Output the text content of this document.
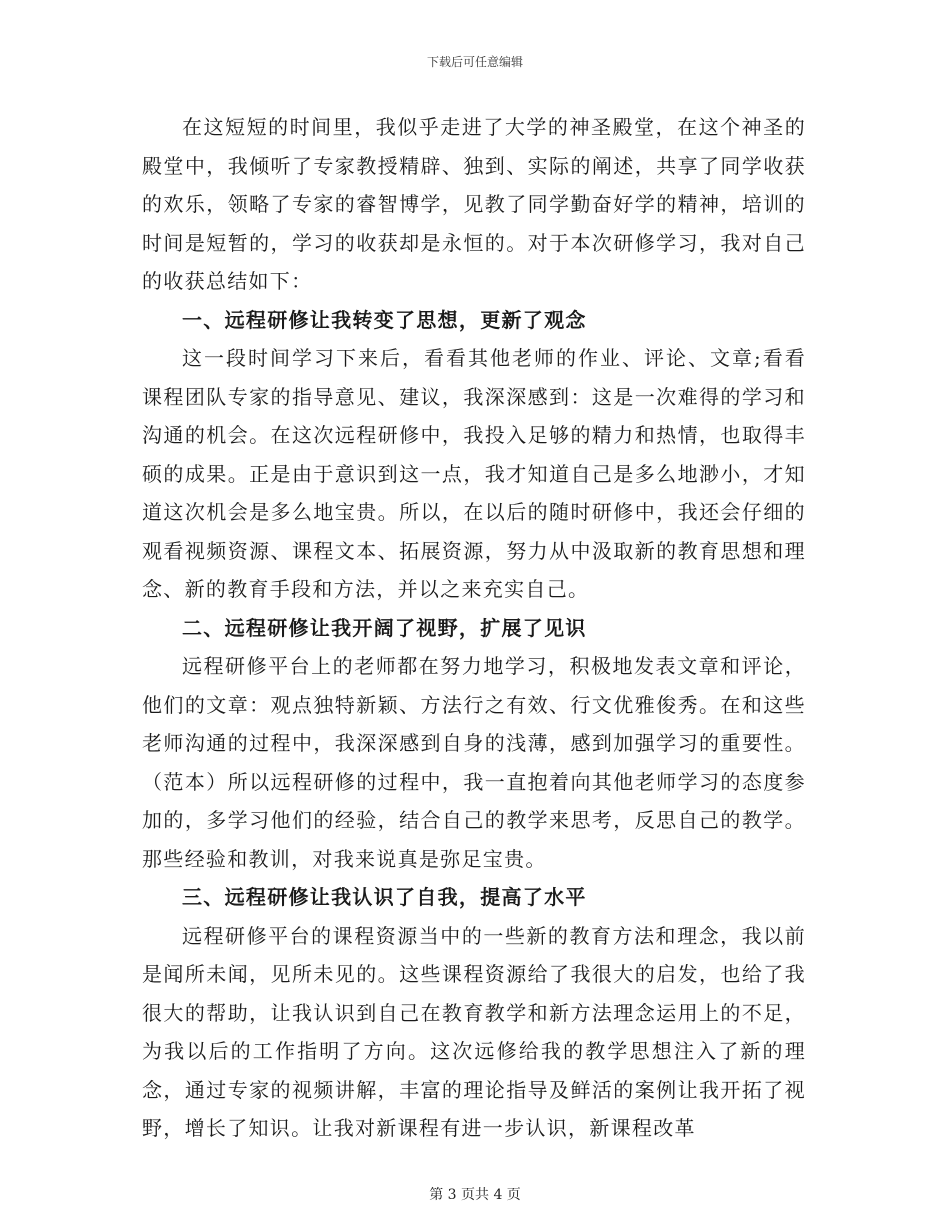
下载后可任意编辑

在这短短的时间里，我似乎走进了大学的神圣殿堂，在这个神圣的殿堂中，我倾听了专家教授精辟、独到、实际的阐述，共享了同学收获的欢乐，领略了专家的睿智博学，见教了同学勤奋好学的精神，培训的时间是短暂的，学习的收获却是永恒的。对于本次研修学习，我对自己的收获总结如下：

一、远程研修让我转变了思想，更新了观念

这一段时间学习下来后，看看其他老师的作业、评论、文章;看看课程团队专家的指导意见、建议，我深深感到：这是一次难得的学习和沟通的机会。在这次远程研修中，我投入足够的精力和热情，也取得丰硕的成果。正是由于意识到这一点，我才知道自己是多么地渺小，才知道这次机会是多么地宝贵。所以，在以后的随时研修中，我还会仔细的观看视频资源、课程文本、拓展资源，努力从中汲取新的教育思想和理念、新的教育手段和方法，并以之来充实自己。

二、远程研修让我开阔了视野，扩展了见识

远程研修平台上的老师都在努力地学习，积极地发表文章和评论，他们的文章：观点独特新颖、方法行之有效、行文优雅俊秀。在和这些老师沟通的过程中，我深深感到自身的浅薄，感到加强学习的重要性。（范本）所以远程研修的过程中，我一直抱着向其他老师学习的态度参加的，多学习他们的经验，结合自己的教学来思考，反思自己的教学。那些经验和教训，对我来说真是弥足宝贵。

三、远程研修让我认识了自我，提高了水平

远程研修平台的课程资源当中的一些新的教育方法和理念，我以前是闻所未闻，见所未见的。这些课程资源给了我很大的启发，也给了我很大的帮助，让我认识到自己在教育教学和新方法理念运用上的不足，为我以后的工作指明了方向。这次远修给我的教学思想注入了新的理念，通过专家的视频讲解，丰富的理论指导及鲜活的案例让我开拓了视野，增长了知识。让我对新课程有进一步认识，新课程改革

第 3 页共 4 页
